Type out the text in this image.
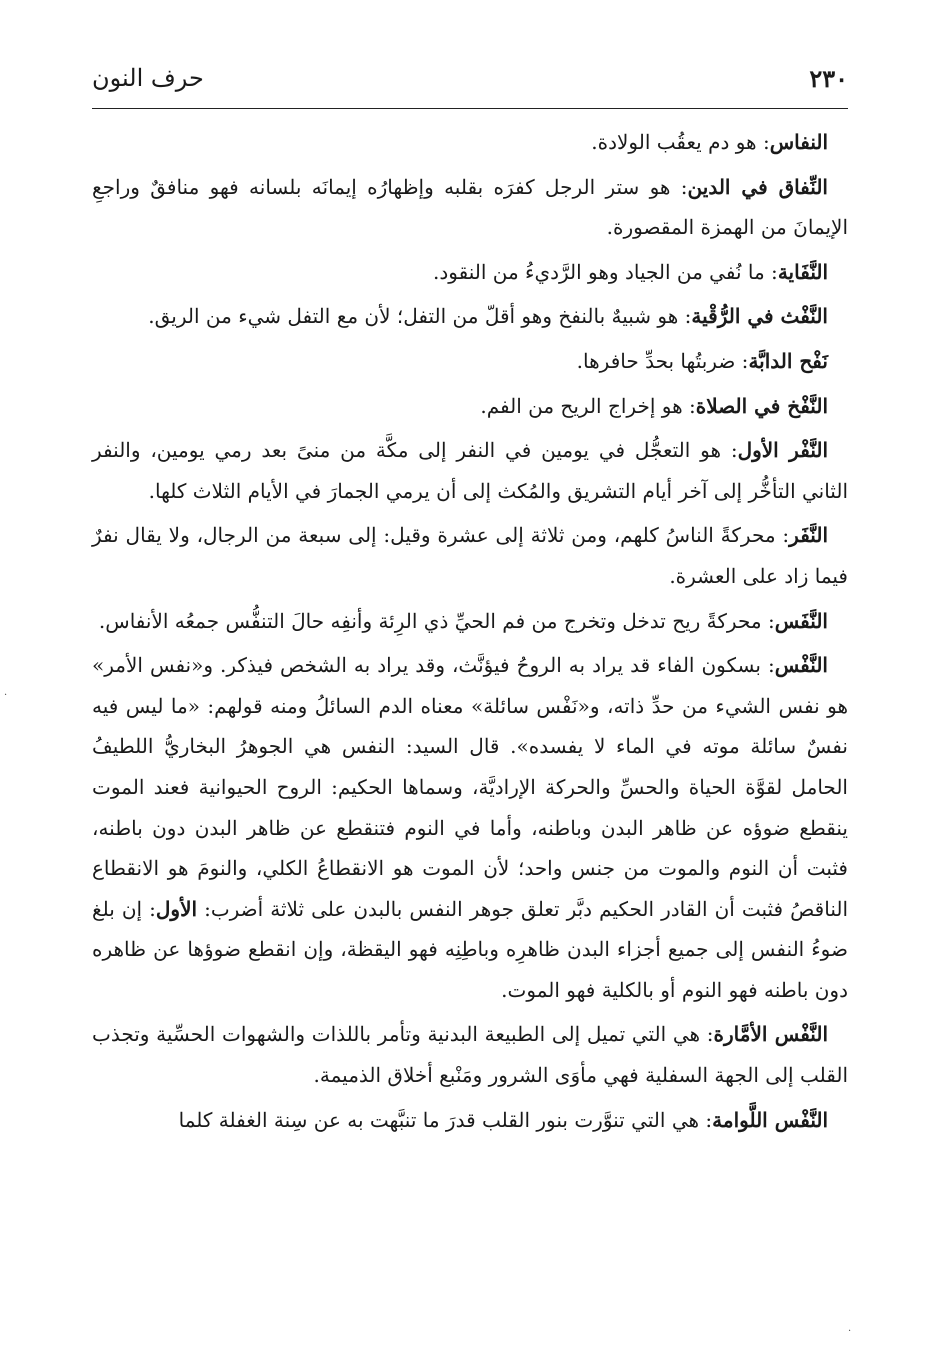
٢٣٠
حرف النون

النفاس: هو دم يعقُب الولادة.

النِّفاق في الدين: هو ستر الرجل كفرَه بقلبه وإظهارُه إيمانَه بلسانه فهو منافقٌ وراجعِ الإيمانَ من الهمزة المقصورة.

النَّفَاية: ما نُفي من الجياد وهو الرَّديءُ من النقود.

النَّفْث في الرُّقْية: هو شبيهٌ بالنفخ وهو أقلّ من التفل؛ لأن مع التفل شيء من الريق.

نَفْح الدابَّة: ضربتُها بحدِّ حافرها.

النَّفْخ في الصلاة: هو إخراج الريح من الفم.

النَّفْر الأول: هو التعجُّل في يومين في النفر إلى مكَّة من منىً بعد رمي يومين، والنفر الثاني التأخُّر إلى آخر أيام التشريق والمُكث إلى أن يرمي الجمارَ في الأيام الثلاث كلها.

النَّفَر: محركةً الناسُ كلهم، ومن ثلاثة إلى عشرة وقيل: إلى سبعة من الرجال، ولا يقال نفرٌ فيما زاد على العشرة.

النَّفَس: محركةً ريح تدخل وتخرج من فم الحيِّ ذي الرِئة وأنفِه حالَ التنفُّس جمعُه الأنفاس.

النَّفْس: بسكون الفاء قد يراد به الروحُ فيؤنَّث، وقد يراد به الشخص فيذكر. و«نفس الأمر» هو نفس الشيء من حدِّ ذاته، و«نَفْس سائلة» معناه الدم السائلُ ومنه قولهم: «ما ليس فيه نفسٌ سائلة موته في الماء لا يفسده». قال السيد: النفس هي الجوهرُ البخاريُّ اللطيفُ الحامل لقوَّة الحياة والحسِّ والحركة الإراديَّة، وسماها الحكيم: الروح الحيوانية فعند الموت ينقطع ضوؤه عن ظاهر البدن وباطنه، وأما في النوم فتنقطع عن ظاهر البدن دون باطنه، فثبت أن النوم والموت من جنس واحد؛ لأن الموت هو الانقطاعُ الكلي، والنومَ هو الانقطاع الناقصُ فثبت أن القادر الحكيم دبَّر تعلق جوهر النفس بالبدن على ثلاثة أضرب: الأول: إن بلغ ضوءُ النفس إلى جميع أجزاء البدن ظاهرِه وباطِنِه فهو اليقظة، وإن انقطع ضوؤها عن ظاهره دون باطنه فهو النوم أو بالكلية فهو الموت.

النَّفْس الأمَّارة: هي التي تميل إلى الطبيعة البدنية وتأمر باللذات والشهوات الحسِّية وتجذب القلب إلى الجهة السفلية فهي مأوَى الشرور ومَنْبع أخلاق الذميمة.

النَّفْس اللَّوامة: هي التي تنوَّرت بنور القلب قدرَ ما تنبَّهت به عن سِنة الغفلة كلما

·
·
